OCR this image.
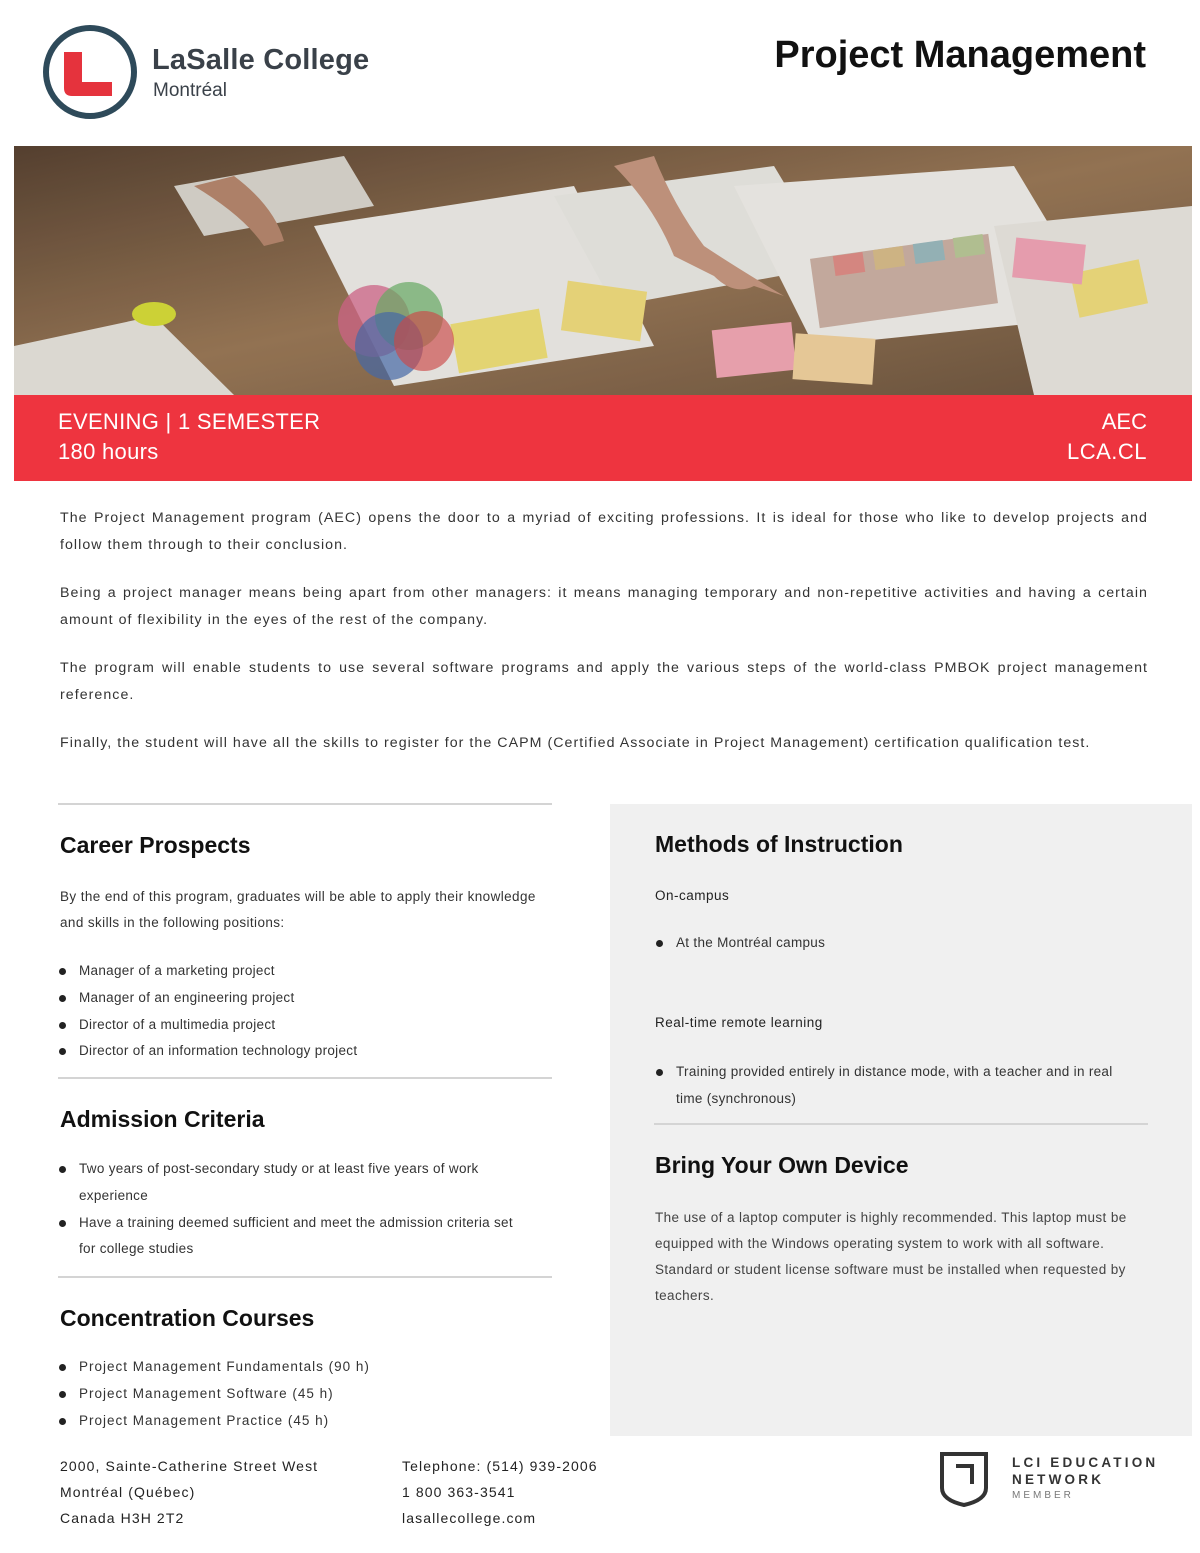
LaSalle College
Montréal
Project Management
EVENING | 1 SEMESTER
180 hours
AEC
LCA.CL

The Project Management program (AEC) opens the door to a myriad of exciting professions. It is ideal for those who like to develop projects and follow them through to their conclusion.

Being a project manager means being apart from other managers: it means managing temporary and non-repetitive activities and having a certain amount of flexibility in the eyes of the rest of the company.

The program will enable students to use several software programs and apply the various steps of the world-class PMBOK project management reference.

Finally, the student will have all the skills to register for the CAPM (Certified Associate in Project Management) certification qualification test.

Career Prospects
By the end of this program, graduates will be able to apply their knowledge and skills in the following positions:
Manager of a marketing project
Manager of an engineering project
Director of a multimedia project
Director of an information technology project
Admission Criteria
Two years of post-secondary study or at least five years of work experience
Have a training deemed sufficient and meet the admission criteria set for college studies
Concentration Courses
Project Management Fundamentals (90 h)
Project Management Software (45 h)
Project Management Practice (45 h)
Methods of Instruction
On-campus
At the Montréal campus
Real-time remote learning
Training provided entirely in distance mode, with a teacher and in real time (synchronous)
Bring Your Own Device
The use of a laptop computer is highly recommended. This laptop must be equipped with the Windows operating system to work with all software. Standard or student license software must be installed when requested by teachers.
2000, Sainte-Catherine Street West
Montréal (Québec)
Canada H3H 2T2
Telephone: (514) 939-2006
1 800 363-3541
lasallecollege.com
LCI EDUCATION
NETWORK
MEMBER
